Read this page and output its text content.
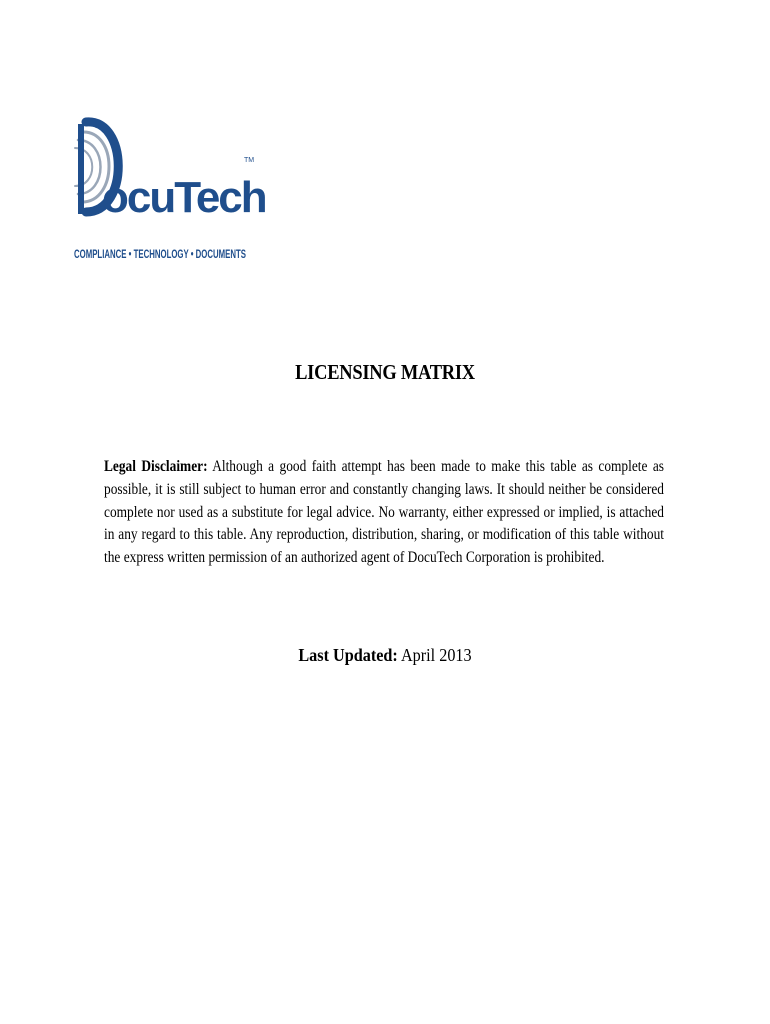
ocuTech
TM
COMPLIANCE • TECHNOLOGY • DOCUMENTS
LICENSING MATRIX
Legal Disclaimer: Although a good faith attempt has been made to make this table as complete as possible, it is still subject to human error and constantly changing laws. It should neither be considered complete nor used as a substitute for legal advice. No warranty, either expressed or implied, is attached in any regard to this table. Any reproduction, distribution, sharing, or modification of this table without the express written permission of an authorized agent of DocuTech Corporation is prohibited.
Last Updated: April 2013
